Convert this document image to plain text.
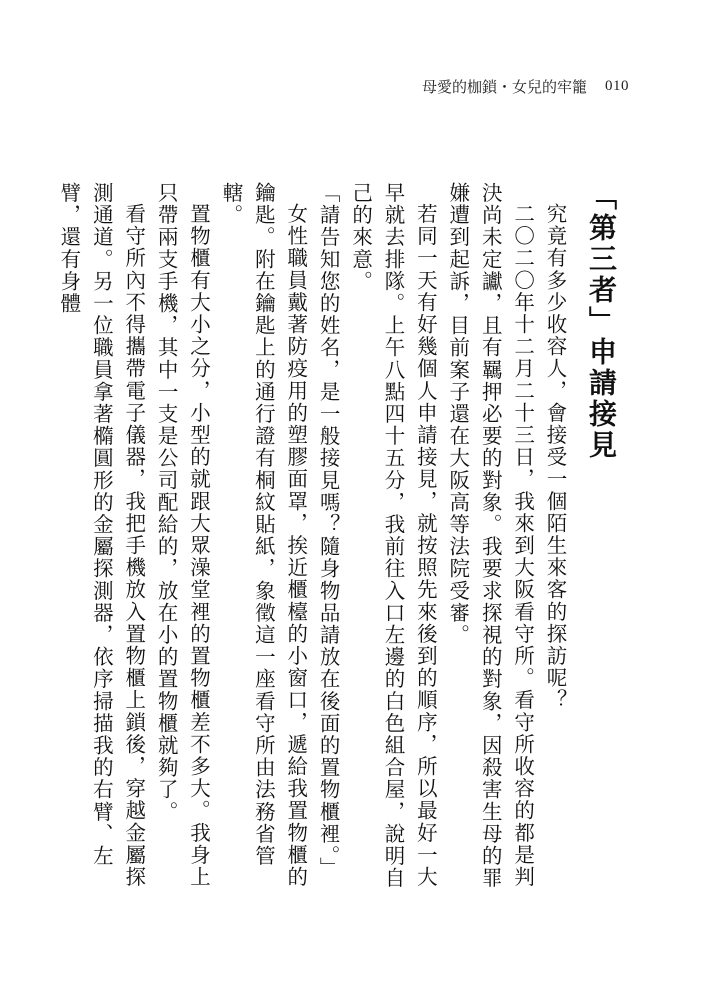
母愛的枷鎖・女兒的牢籠 010
「第三者」申請接見

究竟有多少收容人，會接受一個陌生來客的探訪呢？

二〇二〇年十二月二十三日，我來到大阪看守所。看守所收容的都是判決尚未定讞，且有羈押必要的對象。我要求探視的對象，因殺害生母的罪嫌遭到起訴，目前案子還在大阪高等法院受審。

若同一天有好幾個人申請接見，就按照先來後到的順序，所以最好一大早就去排隊。上午八點四十五分，我前往入口左邊的白色組合屋，說明自己的來意。

「請告知您的姓名，是一般接見嗎？隨身物品請放在後面的置物櫃裡。」

女性職員戴著防疫用的塑膠面罩，挨近櫃檯的小窗口，遞給我置物櫃的鑰匙。附在鑰匙上的通行證有桐紋貼紙，象徵這一座看守所由法務省管轄。

置物櫃有大小之分，小型的就跟大眾澡堂裡的置物櫃差不多大。我身上只帶兩支手機，其中一支是公司配給的，放在小的置物櫃就夠了。

看守所內不得攜帶電子儀器，我把手機放入置物櫃上鎖後，穿越金屬探測通道。另一位職員拿著橢圓形的金屬探測器，依序掃描我的右臂、左臂，還有身體
